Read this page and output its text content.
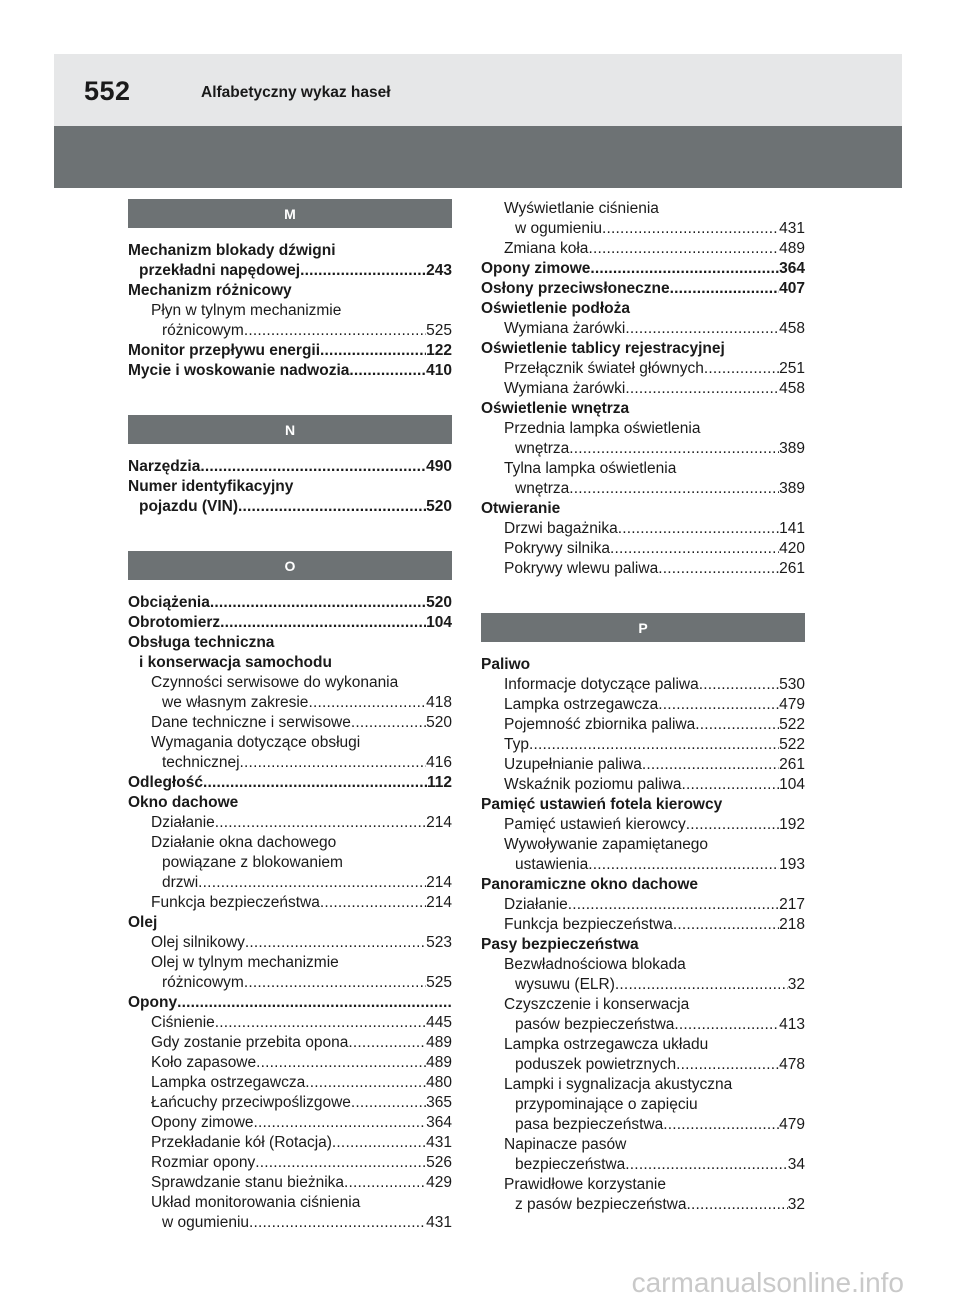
552	Alfabetyczny wykaz haseł
M
Mechanizm blokady dźwigni
przekładni napędowej .....	243
Mechanizm różnicowy
Płyn w tylnym mechanizmie
różnicowym .....	525
Monitor przepływu energii .....	122
Mycie i woskowanie nadwozia .....	410
N
Narzędzia .....	490
Numer identyfikacyjny
pojazdu (VIN) .....	520
O
Obciążenia .....	520
Obrotomierz .....	104
Obsługa techniczna
i konserwacja samochodu
Czynności serwisowe do wykonania
we własnym zakresie .....	418
Dane techniczne i serwisowe .....	520
Wymagania dotyczące obsługi
technicznej .....	416
Odległość .....	112
Okno dachowe
Działanie .....	214
Działanie okna dachowego
powiązane z blokowaniem
drzwi .....	214
Funkcja bezpieczeństwa .....	214
Olej
Olej silnikowy .....	523
Olej w tylnym mechanizmie
różnicowym .....	525
Opony
.....
Ciśnienie .....	445
Gdy zostanie przebita opona .....	489
Koło zapasowe .....	489
Lampka ostrzegawcza .....	480
Łańcuchy przeciwpoślizgowe .....	365
Opony zimowe .....	364
Przekładanie kół (Rotacja) .....	431
Rozmiar opony .....	526
Sprawdzanie stanu bieżnika .....	429
Układ monitorowania ciśnienia
w ogumieniu .....	431
Wyświetlanie ciśnienia
w ogumieniu .....	431
Zmiana koła .....	489
Opony zimowe .....	364
Osłony przeciwsłoneczne .....	407
Oświetlenie podłoża
Wymiana żarówki .....	458
Oświetlenie tablicy rejestracyjnej
Przełącznik świateł głównych .....	251
Wymiana żarówki .....	458
Oświetlenie wnętrza
Przednia lampka oświetlenia
wnętrza .....	389
Tylna lampka oświetlenia
wnętrza .....	389
Otwieranie
Drzwi bagażnika .....	141
Pokrywy silnika .....	420
Pokrywy wlewu paliwa .....	261
P
Paliwo
Informacje dotyczące paliwa .....	530
Lampka ostrzegawcza .....	479
Pojemność zbiornika paliwa .....	522
Typ .....	522
Uzupełnianie paliwa .....	261
Wskaźnik poziomu paliwa .....	104
Pamięć ustawień fotela kierowcy
Pamięć ustawień kierowcy .....	192
Wywoływanie zapamiętanego
ustawienia .....	193
Panoramiczne okno dachowe
Działanie .....	217
Funkcja bezpieczeństwa .....	218
Pasy bezpieczeństwa
Bezwładnościowa blokada
wysuwu (ELR) .....	32
Czyszczenie i konserwacja
pasów bezpieczeństwa .....	413
Lampka ostrzegawcza układu
poduszek powietrznych .....	478
Lampki i sygnalizacja akustyczna
przypominające o zapięciu
pasa bezpieczeństwa .....	479
Napinacze pasów
bezpieczeństwa .....	34
Prawidłowe korzystanie
z pasów bezpieczeństwa .....	32
carmanualsonline.info
